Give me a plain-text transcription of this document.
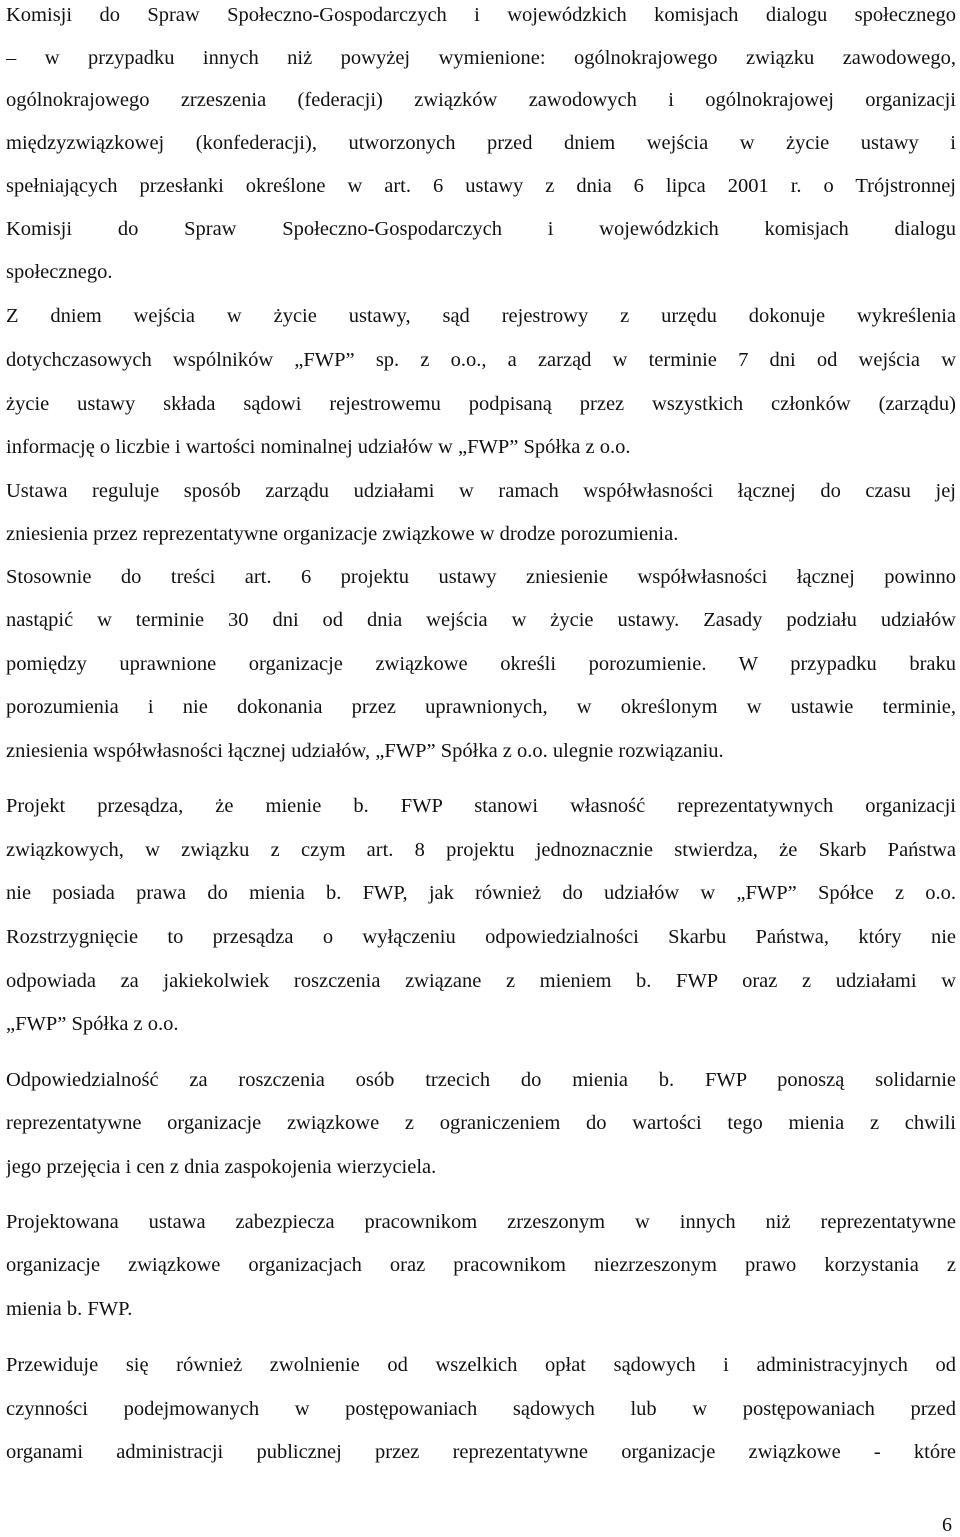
Komisji do Spraw Społeczno-Gospodarczych i wojewódzkich komisjach dialogu społecznego
– w przypadku innych niż powyżej wymienione: ogólnokrajowego związku zawodowego,
ogólnokrajowego zrzeszenia (federacji) związków zawodowych i ogólnokrajowej organizacji
międzyzwiązkowej (konfederacji), utworzonych przed dniem wejścia w życie ustawy i
spełniających przesłanki określone w art. 6 ustawy z dnia 6 lipca 2001 r. o Trójstronnej
Komisji do Spraw Społeczno-Gospodarczych i wojewódzkich komisjach dialogu
społecznego.
Z dniem wejścia w życie ustawy, sąd rejestrowy z urzędu dokonuje wykreślenia
dotychczasowych wspólników „FWP” sp. z o.o., a zarząd w terminie 7 dni od wejścia w
życie ustawy składa sądowi rejestrowemu podpisaną przez wszystkich członków (zarządu)
informację o liczbie i wartości nominalnej udziałów w „FWP” Spółka z o.o.
Ustawa reguluje sposób zarządu udziałami w ramach współwłasności łącznej do czasu jej
zniesienia przez reprezentatywne organizacje związkowe w drodze porozumienia.
Stosownie do treści art. 6 projektu ustawy zniesienie współwłasności łącznej powinno
nastąpić w terminie 30 dni od dnia wejścia w życie ustawy. Zasady podziału udziałów
pomiędzy uprawnione organizacje związkowe określi porozumienie. W przypadku braku
porozumienia i nie dokonania przez uprawnionych, w określonym w ustawie terminie,
zniesienia współwłasności łącznej udziałów, „FWP” Spółka z o.o. ulegnie rozwiązaniu.
Projekt przesądza, że mienie b. FWP stanowi własność reprezentatywnych organizacji
związkowych, w związku z czym art. 8 projektu jednoznacznie stwierdza, że Skarb Państwa
nie posiada prawa do mienia b. FWP, jak również do udziałów w „FWP” Spółce z o.o.
Rozstrzygnięcie to przesądza o wyłączeniu odpowiedzialności Skarbu Państwa, który nie
odpowiada za jakiekolwiek roszczenia związane z mieniem b. FWP oraz z udziałami w
„FWP” Spółka z o.o.
Odpowiedzialność za roszczenia osób trzecich do mienia b. FWP ponoszą solidarnie
reprezentatywne organizacje związkowe z ograniczeniem do wartości tego mienia z chwili
jego przejęcia i cen z dnia zaspokojenia wierzyciela.
Projektowana ustawa zabezpiecza pracownikom zrzeszonym w innych niż reprezentatywne
organizacje związkowe organizacjach oraz pracownikom niezrzeszonym prawo korzystania z
mienia b. FWP.
Przewiduje się również zwolnienie od wszelkich opłat sądowych i administracyjnych od
czynności podejmowanych w postępowaniach sądowych lub w postępowaniach przed
organami administracji publicznej przez reprezentatywne organizacje związkowe - które
6
